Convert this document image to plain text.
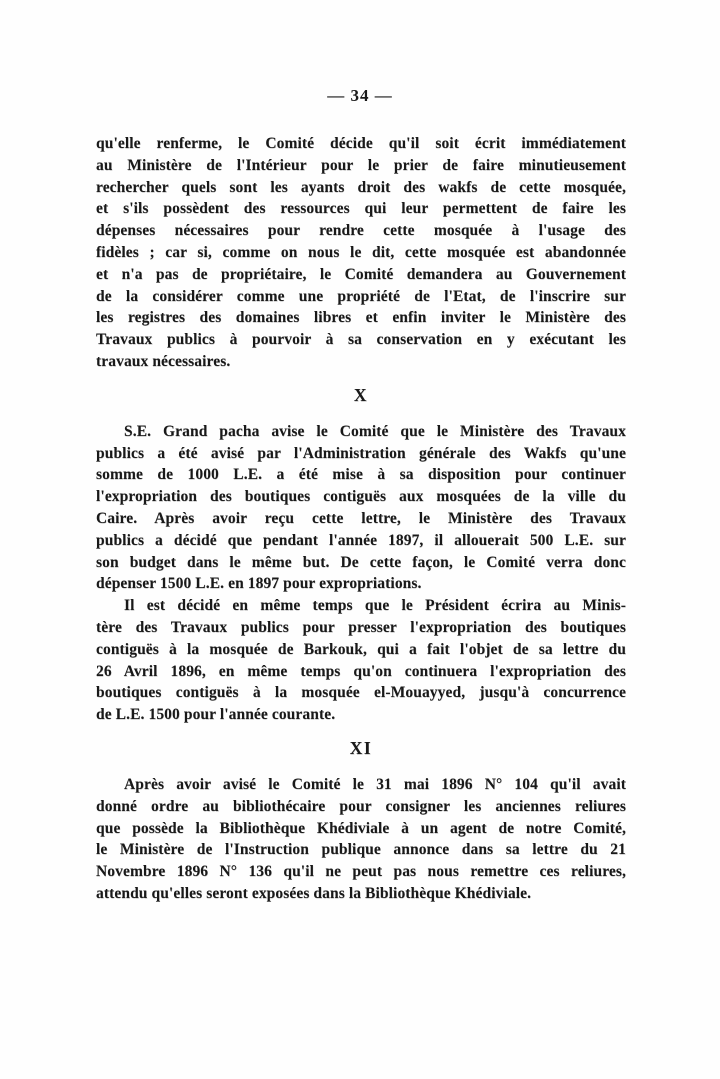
— 34 —
qu'elle renferme, le Comité décide qu'il soit écrit immédiatement
au Ministère de l'Intérieur pour le prier de faire minutieusement
rechercher quels sont les ayants droit des wakfs de cette mosquée,
et s'ils possèdent des ressources qui leur permettent de faire les
dépenses nécessaires pour rendre cette mosquée à l'usage des
fidèles ; car si, comme on nous le dit, cette mosquée est abandonnée
et n'a pas de propriétaire, le Comité demandera au Gouvernement
de la considérer comme une propriété de l'Etat, de l'inscrire sur
les registres des domaines libres et enfin inviter le Ministère des
Travaux publics à pourvoir à sa conservation en y exécutant les
travaux nécessaires.
X
S.E. Grand pacha avise le Comité que le Ministère des Travaux
publics a été avisé par l'Administration générale des Wakfs qu'une
somme de 1000 L.E. a été mise à sa disposition pour continuer
l'expropriation des boutiques contiguës aux mosquées de la ville du
Caire. Après avoir reçu cette lettre, le Ministère des Travaux
publics a décidé que pendant l'année 1897, il allouerait 500 L.E. sur
son budget dans le même but. De cette façon, le Comité verra donc
dépenser 1500 L.E. en 1897 pour expropriations.
Il est décidé en même temps que le Président écrira au Minis-
tère des Travaux publics pour presser l'expropriation des boutiques
contiguës à la mosquée de Barkouk, qui a fait l'objet de sa lettre du
26 Avril 1896, en même temps qu'on continuera l'expropriation des
boutiques contiguës à la mosquée el-Mouayyed, jusqu'à concurrence
de L.E. 1500 pour l'année courante.
XI
Après avoir avisé le Comité le 31 mai 1896 N° 104 qu'il avait
donné ordre au bibliothécaire pour consigner les anciennes reliures
que possède la Bibliothèque Khédiviale à un agent de notre Comité,
le Ministère de l'Instruction publique annonce dans sa lettre du 21
Novembre 1896 N° 136 qu'il ne peut pas nous remettre ces reliures,
attendu qu'elles seront exposées dans la Bibliothèque Khédiviale.
